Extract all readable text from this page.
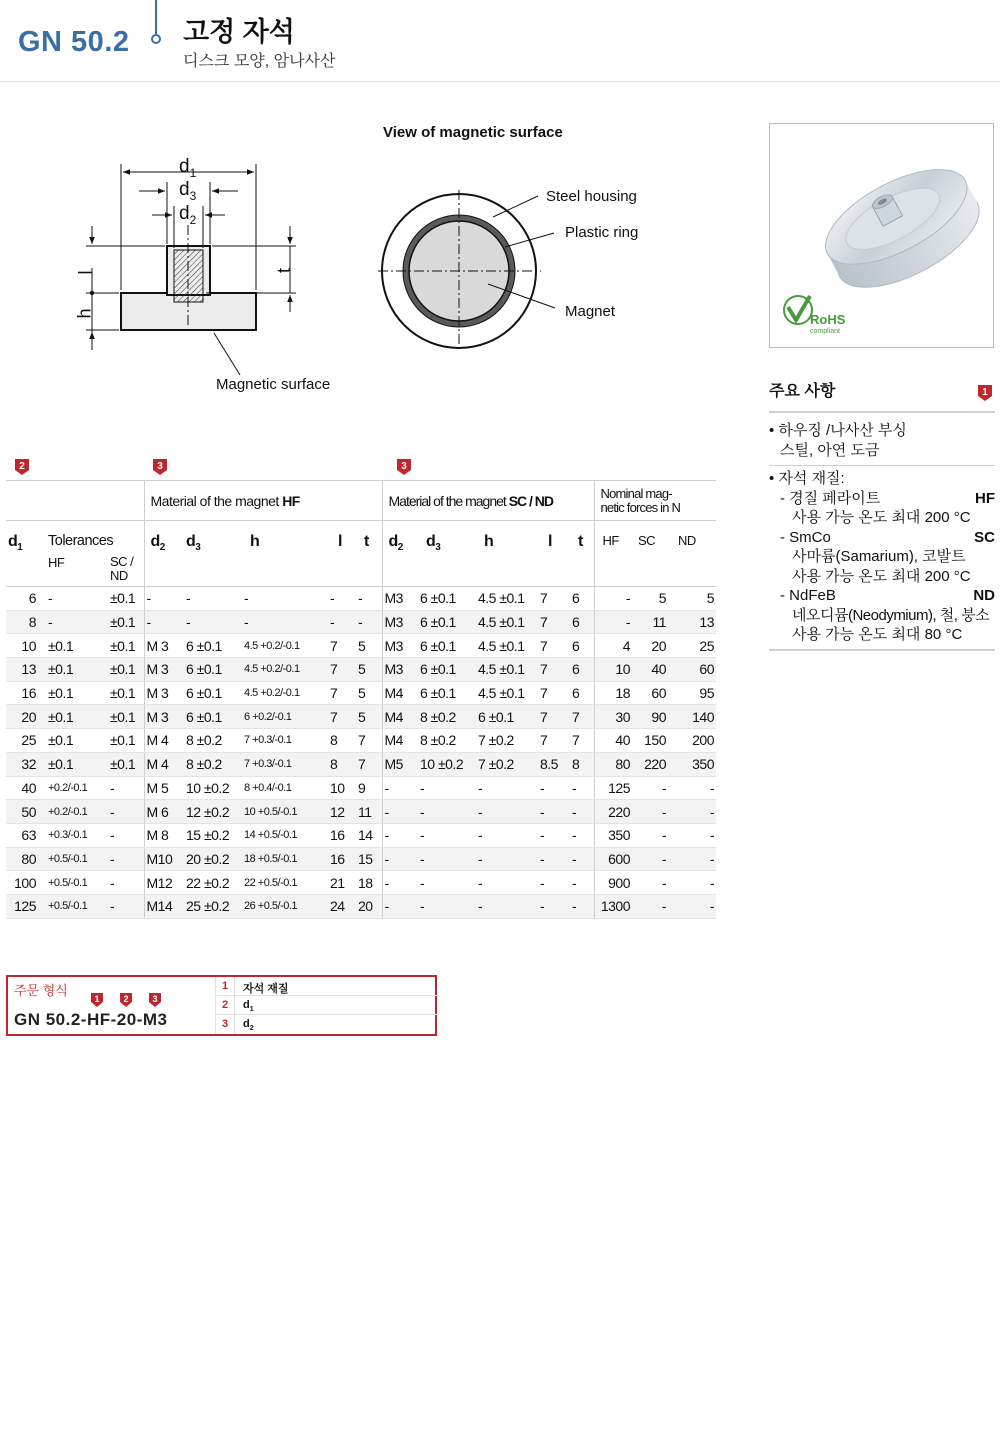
GN 50.2 고정 자석
디스크 모양, 암나사산
View of magnetic surface
$d_1$
$d_3$
$d_2$
h
l	t
Magnetic surface
Steel housing
Plastic ring
Magnet	RoHS
compliant
주요 사항	1
• 하우징 /나사산 부싱
스틸, 아연 도금
• 자석 재질:
- 경질 페라이트	HF
사용 가능 온도 최대 200 °C
- SmCo	SC
사마륨(Samarium), 코발트
사용 가능 온도 최대 200 °C
- NdFeB	ND
네오디뮴(Neodymium), 철, 붕소
사용 가능 온도 최대 80 °C
2	3	3
			Material of the magnet HF					Material of the magnet SC / ND					Nominal mag-
netic forces in N		
$d_1$	Tolerances
HF SC /
ND		$d_2$	$d_3$	h	l	t	$d_2$	$d_3$	h	l	t	HF	SC	ND
6	-	±0.1	-	-	-	-	-	M3	6 ±0.1	4.5 ±0.1	7	6	-	5	5
8	-	±0.1	-	-	-	-	-	M3	6 ±0.1	4.5 ±0.1	7	6	-	11	13
10	±0.1	±0.1	M 3	6 ±0.1	4.5 +0.2/-0.1	7	5	M3	6 ±0.1	4.5 ±0.1	7	6	4	20	25
13	±0.1	±0.1	M 3	6 ±0.1	4.5 +0.2/-0.1	7	5	M3	6 ±0.1	4.5 ±0.1	7	6	10	40	60
16	±0.1	±0.1	M 3	6 ±0.1	4.5 +0.2/-0.1	7	5	M4	6 ±0.1	4.5 ±0.1	7	6	18	60	95
20	±0.1	±0.1	M 3	6 ±0.1	6 +0.2/-0.1	7	5	M4	8 ±0.2	6 ±0.1	7	7	30	90	140
25	±0.1	±0.1	M 4	8 ±0.2	7 +0.3/-0.1	8	7	M4	8 ±0.2	7 ±0.2	7	7	40	150	200
32	±0.1	±0.1	M 4	8 ±0.2	7 +0.3/-0.1	8	7	M5	10 ±0.2	7 ±0.2	8.5	8	80	220	350
40	+0.2/-0.1	-	M 5	10 ±0.2	8 +0.4/-0.1	10	9	-	-	-	-	-	125	-	-
50	+0.2/-0.1	-	M 6	12 ±0.2	10 +0.5/-0.1	12	11	-	-	-	-	-	220	-	-
63	+0.3/-0.1	-	M 8	15 ±0.2	14 +0.5/-0.1	16	14	-	-	-	-	-	350	-	-
80	+0.5/-0.1	-	M10	20 ±0.2	18 +0.5/-0.1	16	15	-	-	-	-	-	600	-	-
100	+0.5/-0.1	-	M12	22 ±0.2	22 +0.5/-0.1	21	18	-	-	-	-	-	900	-	-
125	+0.5/-0.1	-	M14	25 ±0.2	26 +0.5/-0.1	24	20	-	-	-	-	-	1300	-	-
주문 형식
1	2	3
GN 50.2-HF-20-M3
1	자석 재질
2	$d_1$
3	$d_2$
